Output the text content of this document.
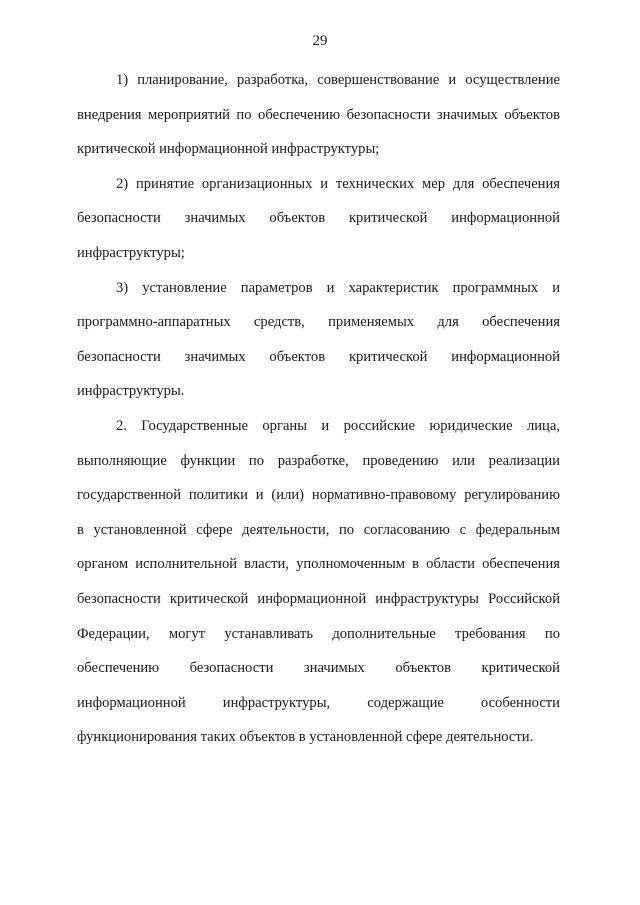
29
1) планирование, разработка, совершенствование и осуществление
внедрения мероприятий по обеспечению безопасности значимых объектов
критической информационной инфраструктуры;
2) принятие организационных и технических мер для обеспечения
безопасности значимых объектов критической информационной
инфраструктуры;
3) установление параметров и характеристик программных и
программно-аппаратных средств, применяемых для обеспечения
безопасности значимых объектов критической информационной
инфраструктуры.
2. Государственные органы и российские юридические лица,
выполняющие функции по разработке, проведению или реализации
государственной политики и (или) нормативно-правовому регулированию
в установленной сфере деятельности, по согласованию с федеральным
органом исполнительной власти, уполномоченным в области обеспечения
безопасности критической информационной инфраструктуры Российской
Федерации, могут устанавливать дополнительные требования по
обеспечению безопасности значимых объектов критической
информационной инфраструктуры, содержащие особенности
функционирования таких объектов в установленной сфере деятельности.
